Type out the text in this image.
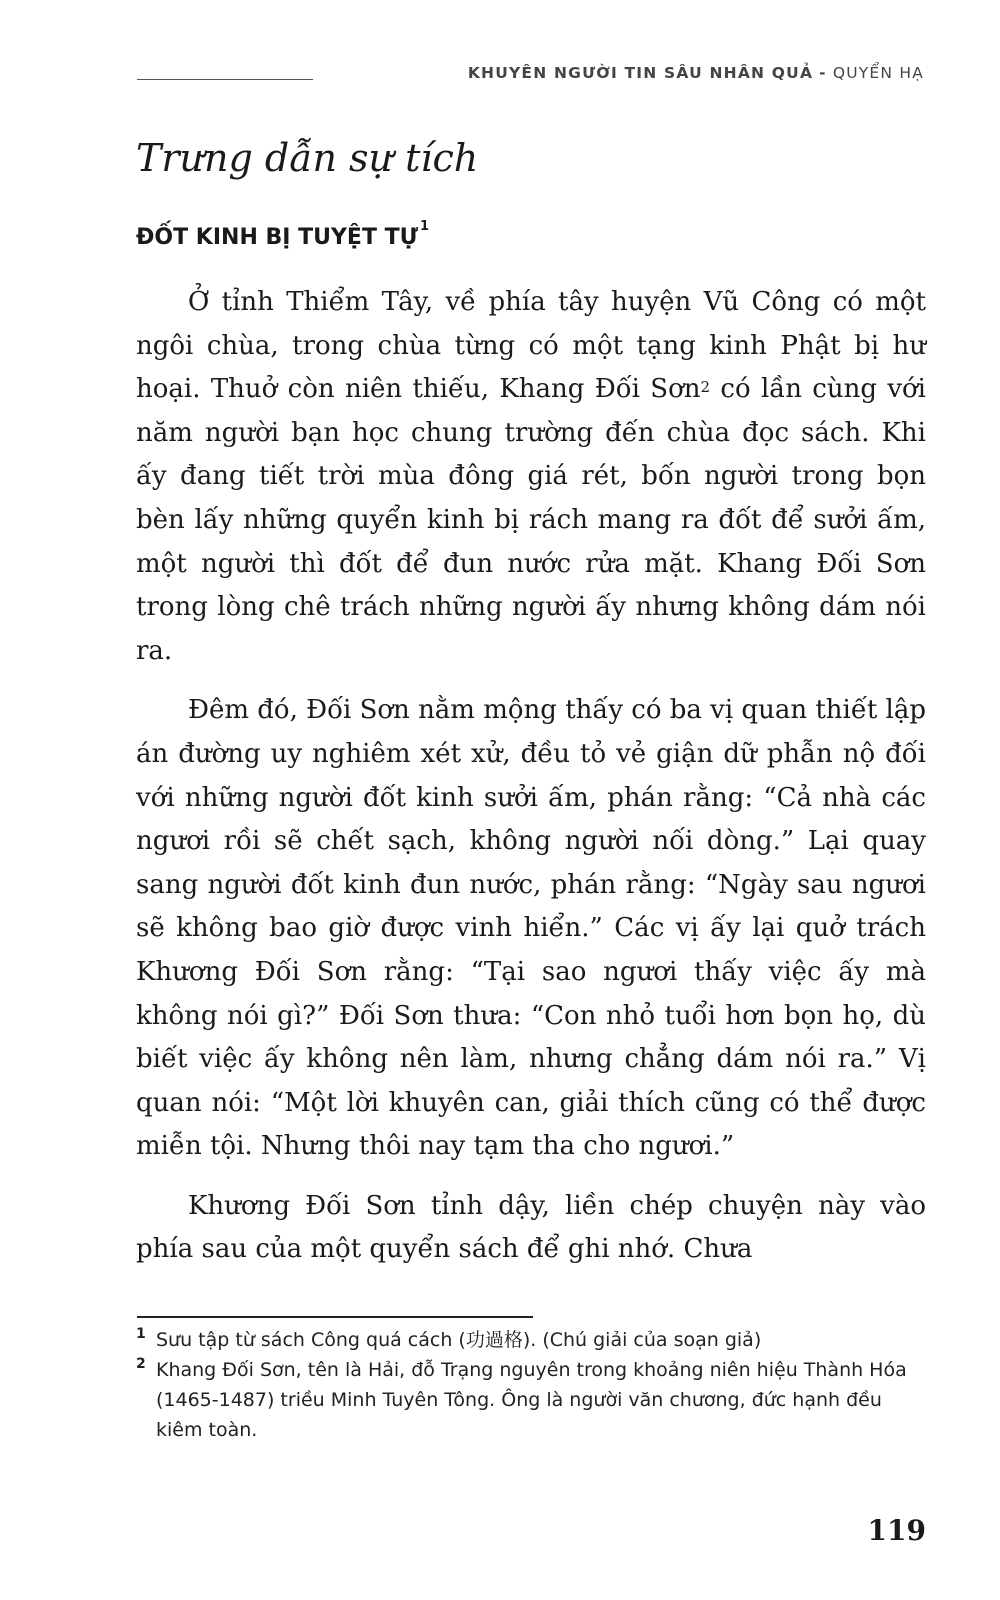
KHUYÊN NGƯỜI TIN SÂU NHÂN QUẢ - QUYỂN HẠ
Trưng dẫn sự tích
ĐỐT KINH BỊ TUYỆT TỰ $^1$

Ở tỉnh Thiểm Tây, về phía tây huyện Vũ Công có một ngôi chùa, trong chùa từng có một tạng kinh Phật bị hư hoại. Thuở còn niên thiếu, Khang Đối Sơn$^2$ có lần cùng với năm người bạn học chung trường đến chùa đọc sách. Khi ấy đang tiết trời mùa đông giá rét, bốn người trong bọn bèn lấy những quyển kinh bị rách mang ra đốt để sưởi ấm, một người thì đốt để đun nước rửa mặt. Khang Đối Sơn trong lòng chê trách những người ấy nhưng không dám nói ra.

Đêm đó, Đối Sơn nằm mộng thấy có ba vị quan thiết lập án đường uy nghiêm xét xử, đều tỏ vẻ giận dữ phẫn nộ đối với những người đốt kinh sưởi ấm, phán rằng: “Cả nhà các ngươi rồi sẽ chết sạch, không người nối dòng.” Lại quay sang người đốt kinh đun nước, phán rằng: “Ngày sau ngươi sẽ không bao giờ được vinh hiển.” Các vị ấy lại quở trách Khương Đối Sơn rằng: “Tại sao ngươi thấy việc ấy mà không nói gì?” Đối Sơn thưa: “Con nhỏ tuổi hơn bọn họ, dù biết việc ấy không nên làm, nhưng chẳng dám nói ra.” Vị quan nói: “Một lời khuyên can, giải thích cũng có thể được miễn tội. Nhưng thôi nay tạm tha cho ngươi.”

Khương Đối Sơn tỉnh dậy, liền chép chuyện này vào phía sau của một quyển sách để ghi nhớ. Chưa

1 Sưu tập từ sách Công quá cách (功過格). (Chú giải của soạn giả)
2 Khang Đối Sơn, tên là Hải, đỗ Trạng nguyên trong khoảng niên hiệu Thành Hóa (1465-1487) triều Minh Tuyên Tông. Ông là người văn chương, đức hạnh đều kiêm toàn.
119
